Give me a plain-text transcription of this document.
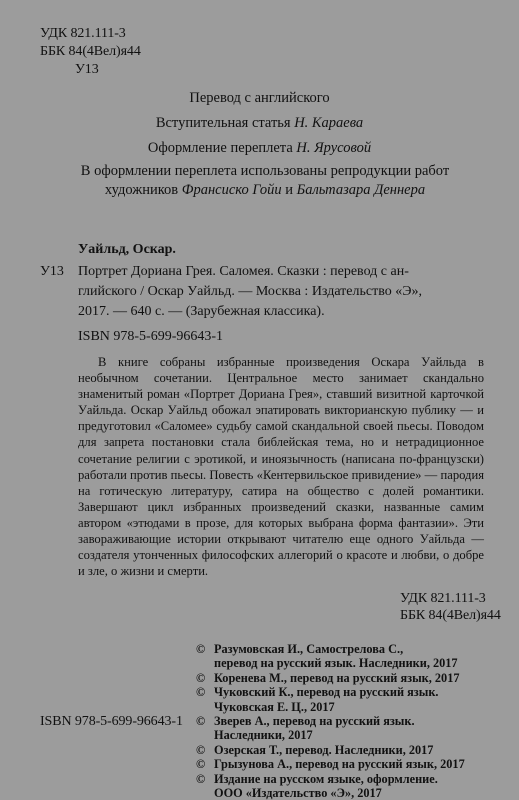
УДК 821.111-3
ББК 84(4Вел)я44
У13
Перевод с английского
Вступительная статья Н. Караева
Оформление переплета Н. Ярусовой
В оформлении переплета использованы репродукции работ
художников Франсиско Гойи и Бальтазара Деннера
Уайльд, Оскар.
У13 Портрет Дориана Грея. Саломея. Сказки : перевод с ан-
глийского / Оскар Уайльд. — Москва : Издательство «Э»,
2017. — 640 с. — (Зарубежная классика).
ISBN 978-5-699-96643-1
В книге собраны избранные произведения Оскара Уайльда в необычном сочетании. Центральное место занимает скандально знаменитый роман «Портрет Дориана Грея», ставший визитной карточкой Уайльда. Оскар Уайльд обожал эпатировать викторианскую публику — и предуготовил «Саломее» судьбу самой скандальной своей пьесы. Поводом для запрета постановки стала библейская тема, но и нетрадиционное сочетание религии с эротикой, и иноязычность (написана по-французски) работали против пьесы. Повесть «Кентервильское привидение» — пародия на готическую литературу, сатира на общество с долей романтики. Завершают цикл избранных произведений сказки, названные самим автором «этюдами в прозе, для которых выбрана форма фантазии». Эти завораживающие истории открывают читателю еще одного Уайльда — создателя утонченных философских аллегорий о красоте и любви, о добре и зле, о жизни и смерти.
УДК 821.111-3
ББК 84(4Вел)я44
ISBN 978-5-699-96643-1
© Разумовская И., Самострелова С.,
перевод на русский язык. Наследники, 2017
© Коренева М., перевод на русский язык, 2017
© Чуковский К., перевод на русский язык.
Чуковская Е. Ц., 2017
© Зверев А., перевод на русский язык.
Наследники, 2017
© Озерская Т., перевод. Наследники, 2017
© Грызунова А., перевод на русский язык, 2017
© Издание на русском языке, оформление.
ООО «Издательство «Э», 2017
